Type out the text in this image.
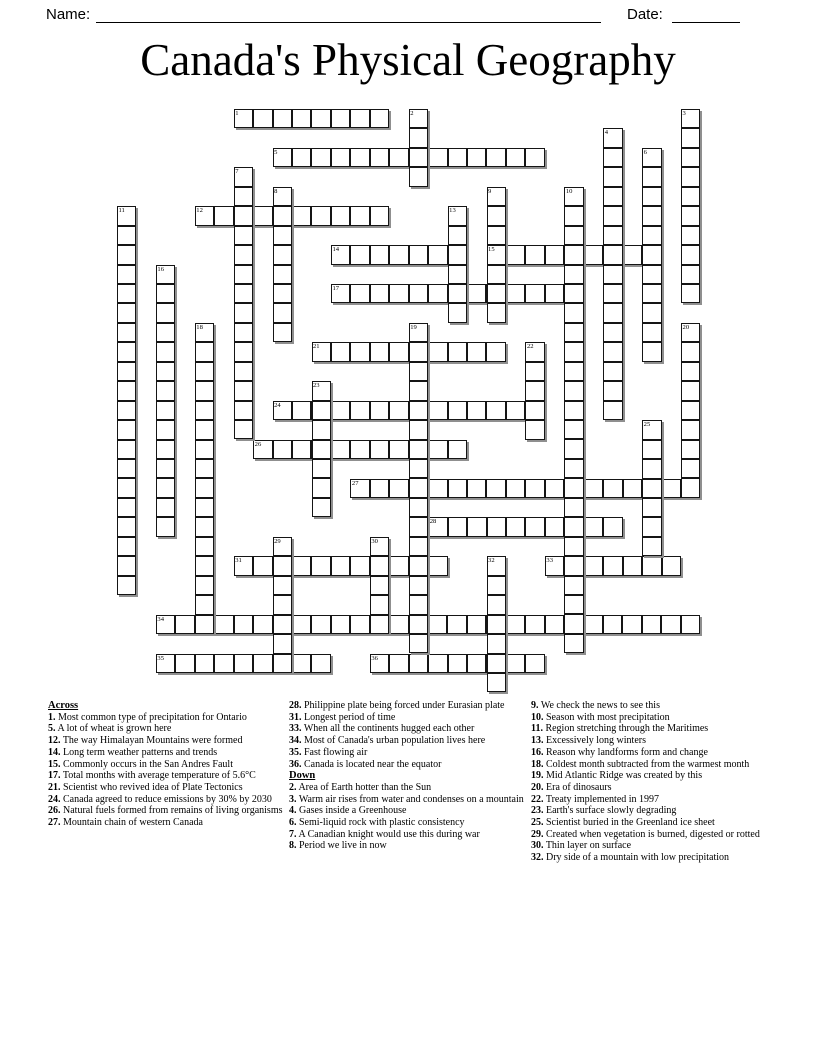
Name:	Date:
Canada's Physical Geography
1
5
12
14	15
17
21
24
26
27
28
31	33
34
35	36
2	3
4
6
7
8	9	10
11	13
16
18	19	20
22
23
25
29	30
32
Across
1. Most common type of precipitation for Ontario
5. A lot of wheat is grown here
12. The way Himalayan Mountains were formed
14. Long term weather patterns and trends
15. Commonly occurs in the San Andres Fault
17. Total months with average temperature of 5.6°C
21. Scientist who revived idea of Plate Tectonics
24. Canada agreed to reduce emissions by 30% by 2030
26. Natural fuels formed from remains of living organisms
27. Mountain chain of western Canada
28. Philippine plate being forced under Eurasian plate
31. Longest period of time
33. When all the continents hugged each other
34. Most of Canada's urban population lives here
35. Fast flowing air
36. Canada is located near the equator
Down
2. Area of Earth hotter than the Sun
3. Warm air rises from water and condenses on a mountain
4. Gases inside a Greenhouse
6. Semi-liquid rock with plastic consistency
7. A Canadian knight would use this during war
8. Period we live in now
9. We check the news to see this
10. Season with most precipitation
11. Region stretching through the Maritimes
13. Excessively long winters
16. Reason why landforms form and change
18. Coldest month subtracted from the warmest month
19. Mid Atlantic Ridge was created by this
20. Era of dinosaurs
22. Treaty implemented in 1997
23. Earth's surface slowly degrading
25. Scientist buried in the Greenland ice sheet
29. Created when vegetation is burned, digested or rotted
30. Thin layer on surface
32. Dry side of a mountain with low precipitation
